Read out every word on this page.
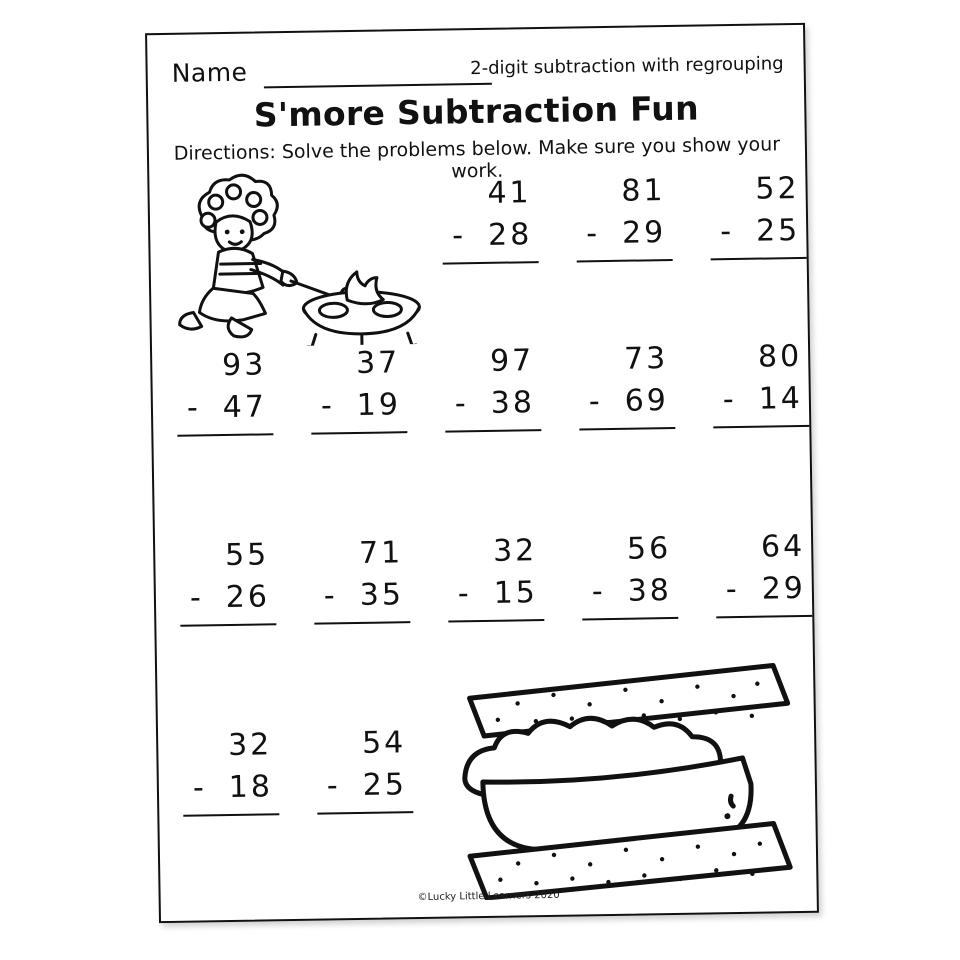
Name	2-digit subtraction with regrouping
S'more Subtraction Fun
Directions: Solve the problems below. Make sure you show your work.
-
41
28 -
81
29 -
52
25
-
93
47 -
37
19 -
97
38 -
73
69 -
80
14
-
55
26 -
71
35 -
32
15 -
56
38 -
64
29
-
32
18 -
54
25
©Lucky Little Learners 2020
